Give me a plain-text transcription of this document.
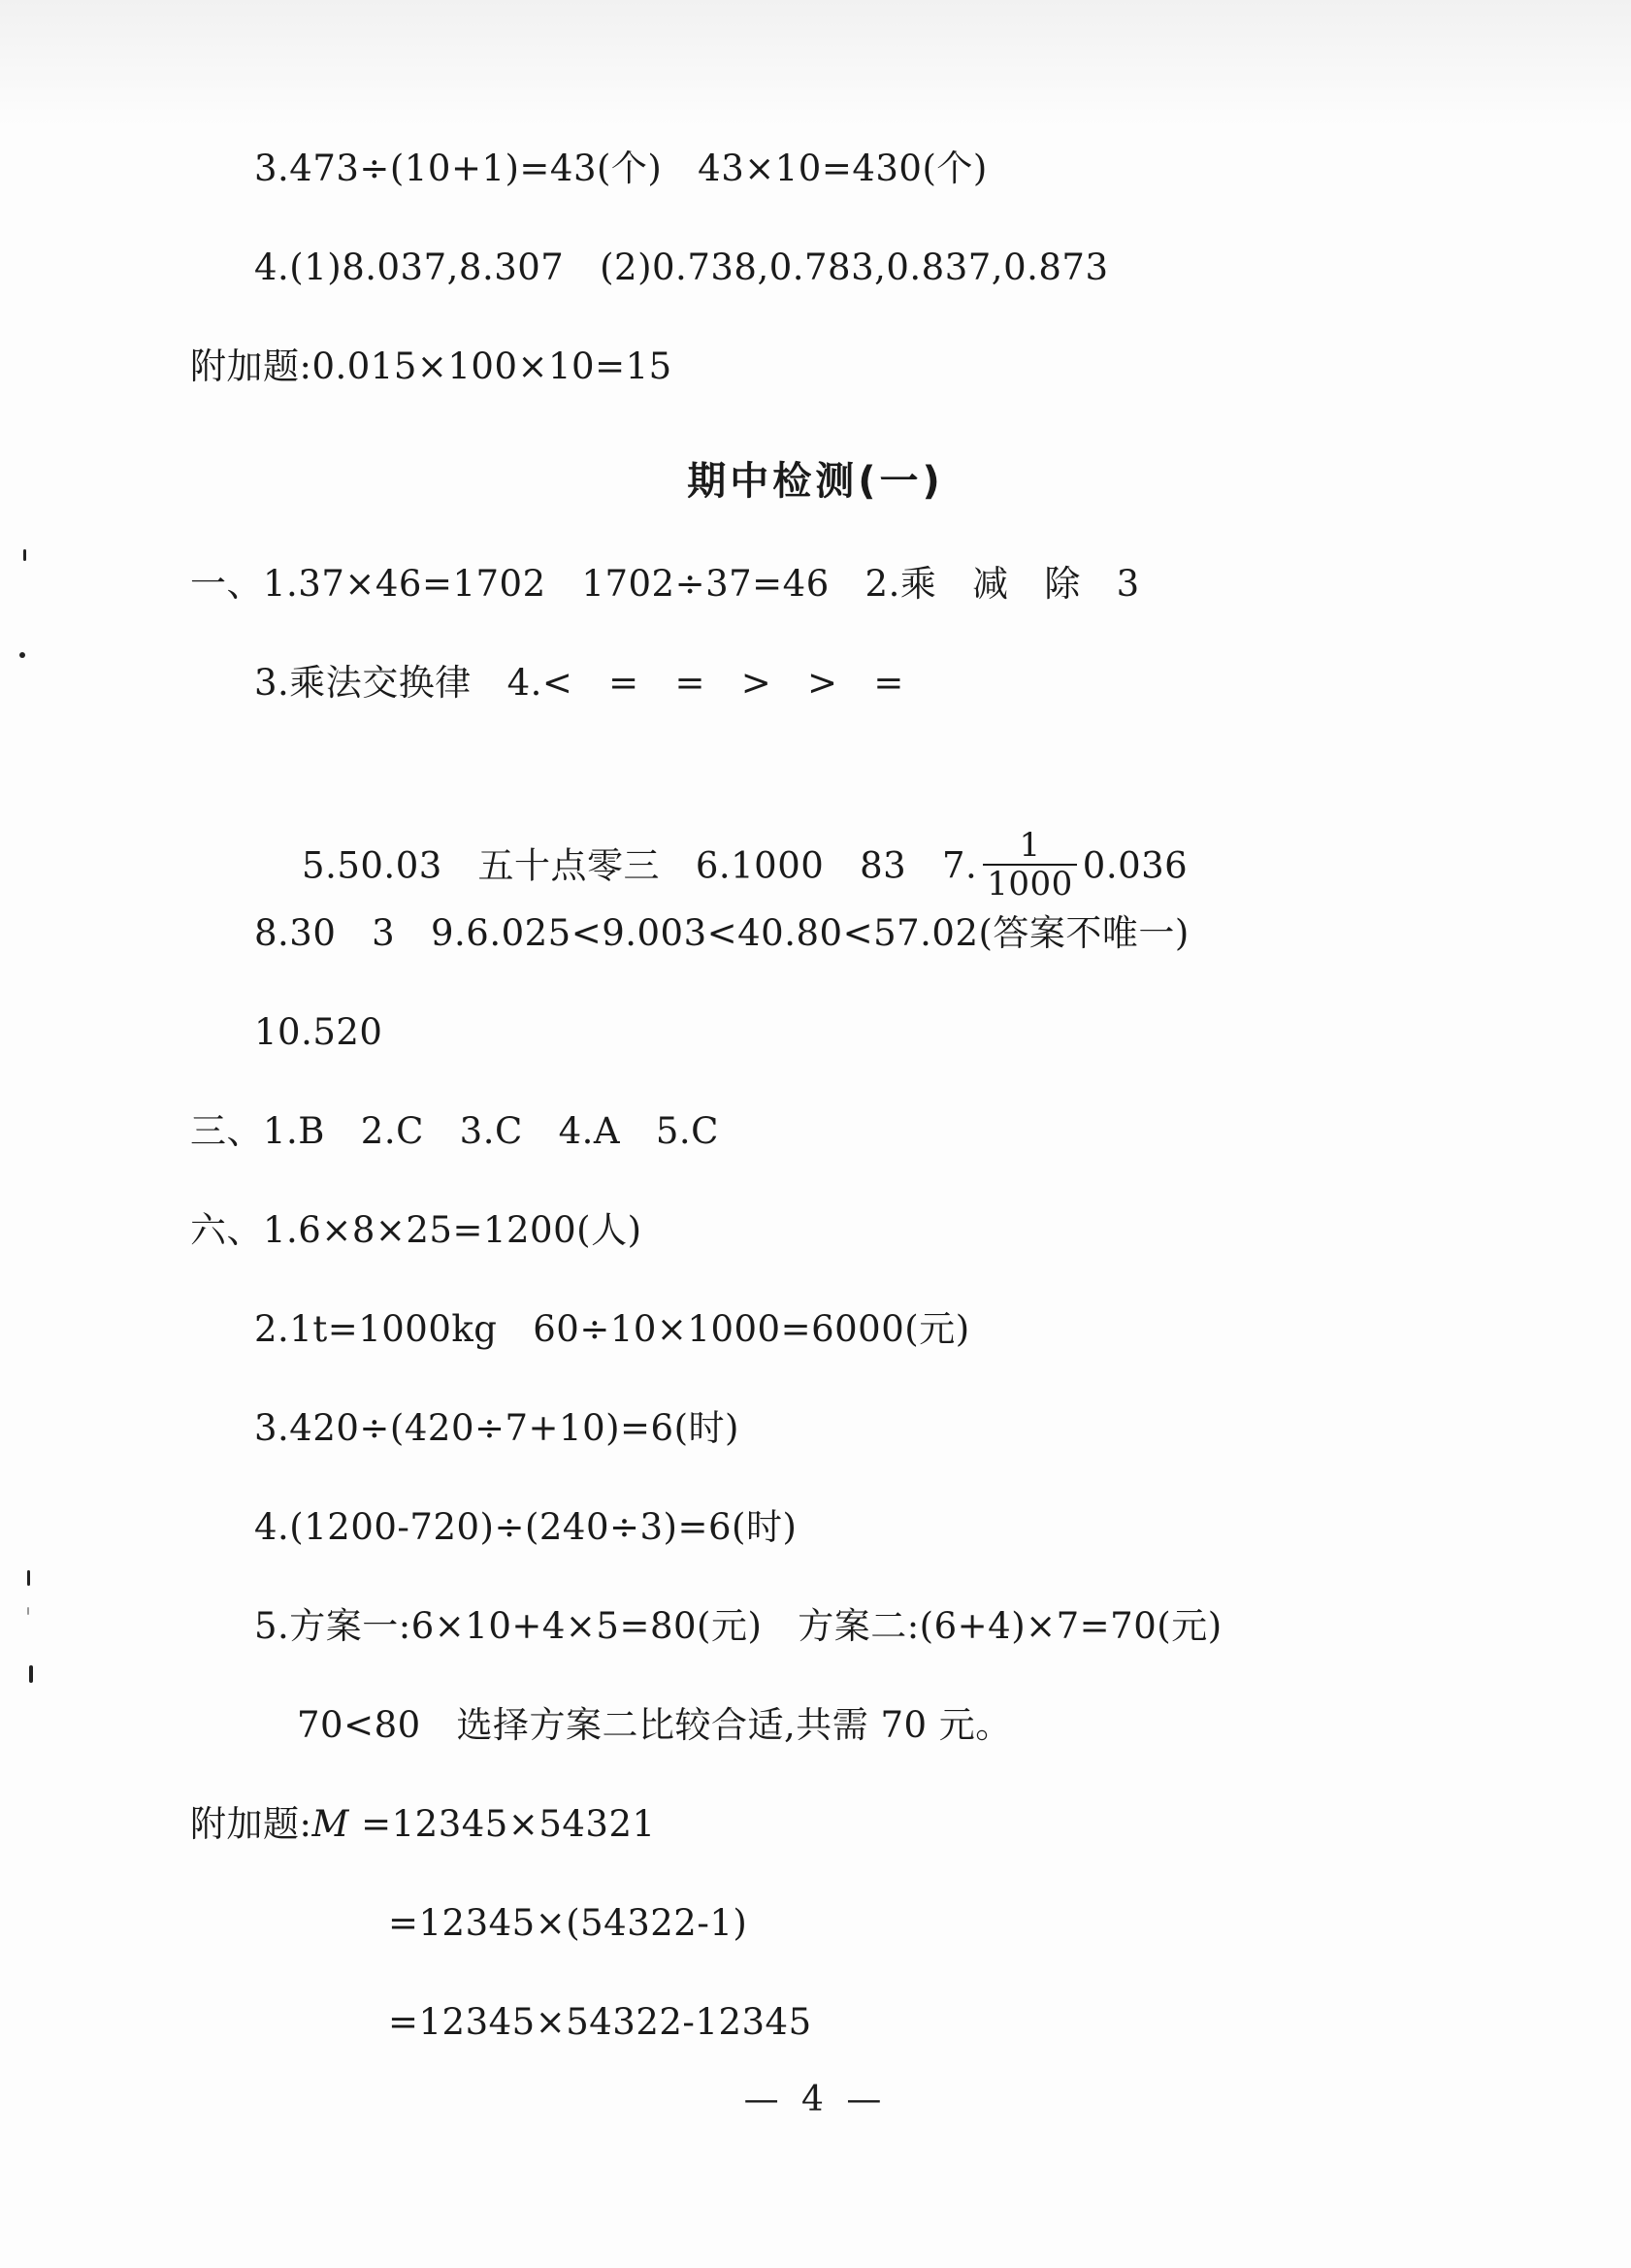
3.473÷(10+1)=43(个)   43×10=430(个)
4.(1)8.037,8.307   (2)0.738,0.783,0.837,0.873
附加题:0.015×100×10=15
期中检测(一)
一、1.37×46=1702   1702÷37=46   2.乘   减   除   3
3.乘法交换律   4.<   =   =   >   >   =

5.50.03   五十点零三   6.1000   83   7. $\frac{1}{1000} 0.036$

8.30   3   9.6.025<9.003<40.80<57.02(答案不唯一)
10.520
三、1.B   2.C   3.C   4.A   5.C
六、1.6×8×25=1200(人)
2.1t=1000kg   60÷10×1000=6000(元)
3.420÷(420÷7+10)=6(时)
4.(1200-720)÷(240÷3)=6(时)
5.方案一:6×10+4×5=80(元)   方案二:(6+4)×7=70(元)
70<80   选择方案二比较合适,共需 70 元。
附加题:M =12345×54321
=12345×(54322-1)
=12345×54322-12345
— 4 —
